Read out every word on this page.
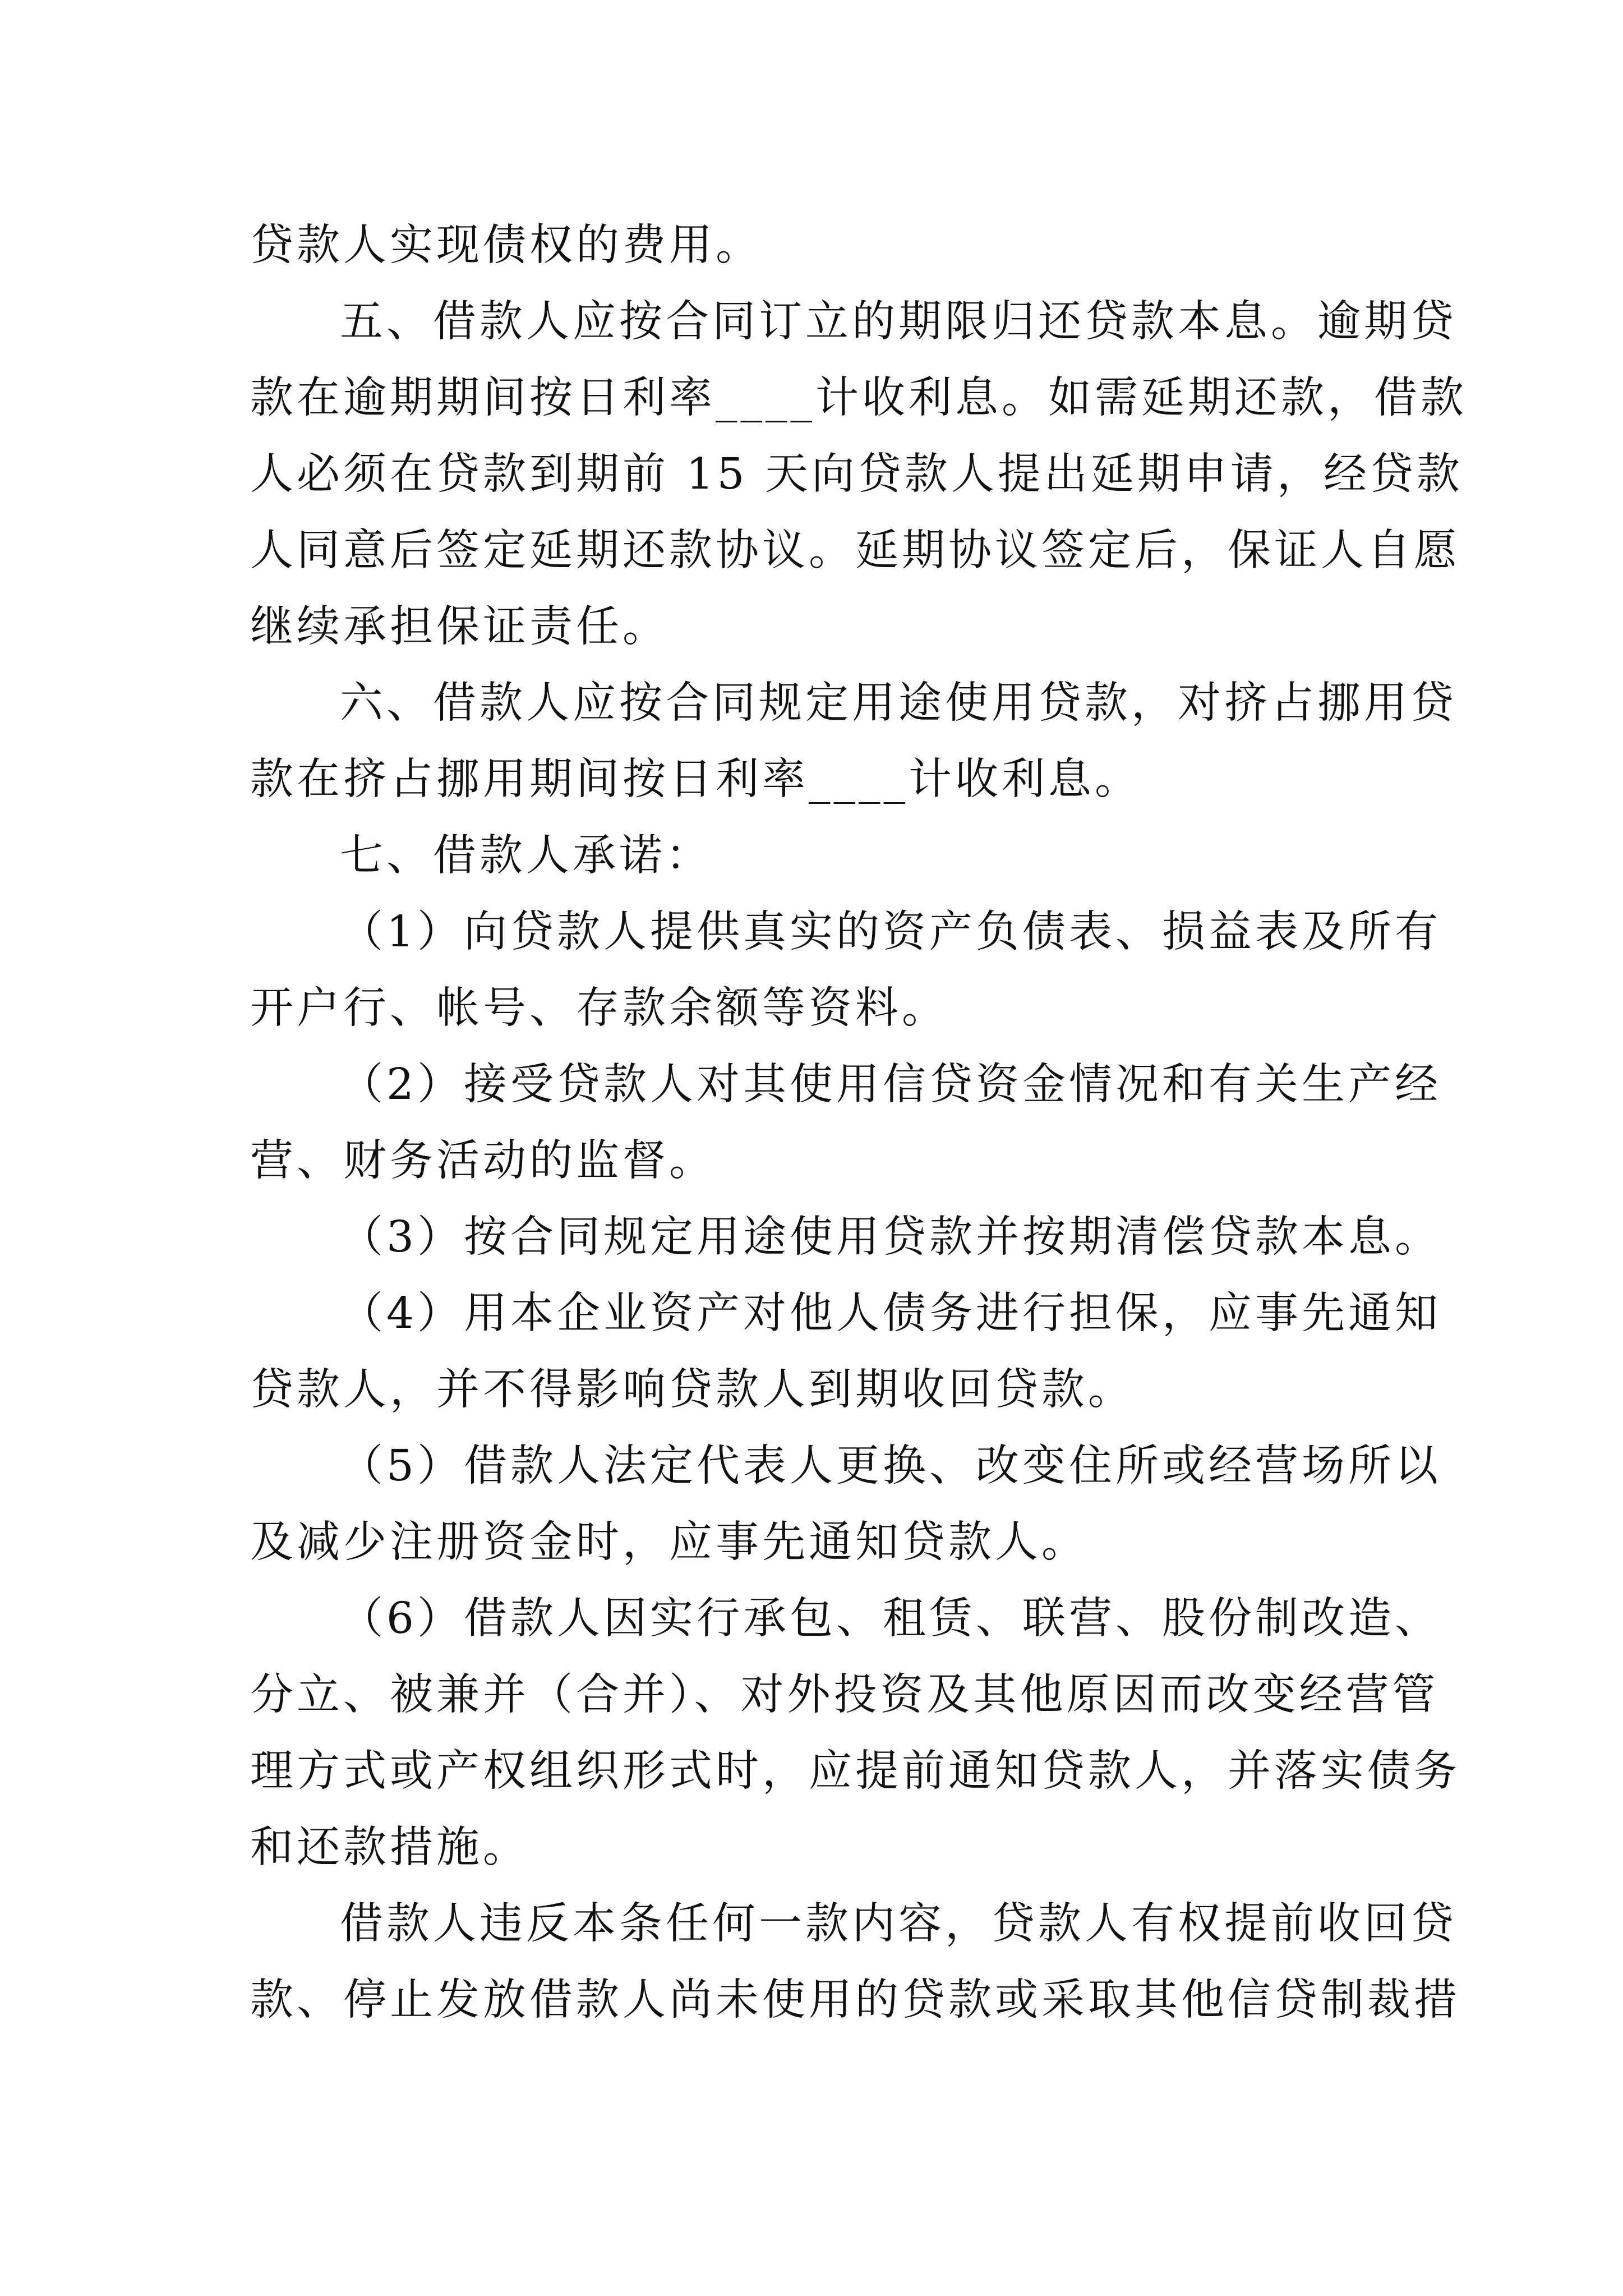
贷款人实现债权的费用。

五、借款人应按合同订立的期限归还贷款本息。逾期贷
款在逾期期间按日利率____计收利息。如需延期还款，借款
人必须在贷款到期前 15 天向贷款人提出延期申请，经贷款
人同意后签定延期还款协议。延期协议签定后，保证人自愿
继续承担保证责任。

六、借款人应按合同规定用途使用贷款，对挤占挪用贷
款在挤占挪用期间按日利率____计收利息。

七、借款人承诺：

（1）向贷款人提供真实的资产负债表、损益表及所有
开户行、帐号、存款余额等资料。

（2）接受贷款人对其使用信贷资金情况和有关生产经
营、财务活动的监督。

（3）按合同规定用途使用贷款并按期清偿贷款本息。

（4）用本企业资产对他人债务进行担保，应事先通知
贷款人，并不得影响贷款人到期收回贷款。

（5）借款人法定代表人更换、改变住所或经营场所以
及减少注册资金时，应事先通知贷款人。

（6）借款人因实行承包、租赁、联营、股份制改造、
分立、被兼并（合并）、对外投资及其他原因而改变经营管
理方式或产权组织形式时，应提前通知贷款人，并落实债务
和还款措施。

借款人违反本条任何一款内容，贷款人有权提前收回贷
款、停止发放借款人尚未使用的贷款或采取其他信贷制裁措
